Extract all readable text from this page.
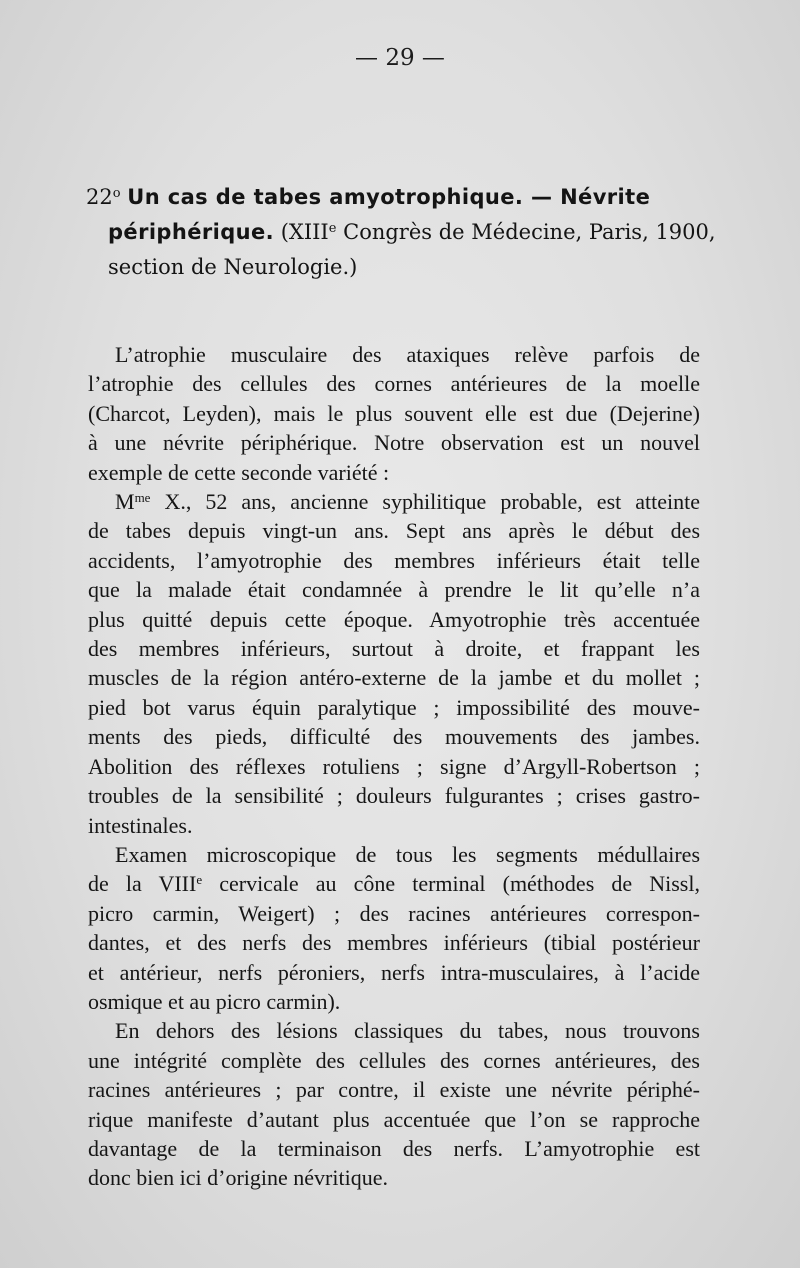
— 29 —
22$^o$ Un cas de tabes amyotrophique. — Névrite
périphérique. (XIIIe Congrès de Médecine, Paris, 1900,
section de Neurologie.)
L’atrophie musculaire des ataxiques relève parfois de
l’atrophie des cellules des cornes antérieures de la moelle
(Charcot, Leyden), mais le plus souvent elle est due (Dejerine)
à une névrite périphérique. Notre observation est un nouvel
exemple de cette seconde variété :
$M^{me}$ X., 52 ans, ancienne syphilitique probable, est atteinte
de tabes depuis vingt-un ans. Sept ans après le début des
accidents, l’amyotrophie des membres inférieurs était telle
que la malade était condamnée à prendre le lit qu’elle n’a
plus quitté depuis cette époque. Amyotrophie très accentuée
des membres inférieurs, surtout à droite, et frappant les
muscles de la région antéro-externe de la jambe et du mollet ;
pied bot varus équin paralytique ; impossibilité des mouve-
ments des pieds, difficulté des mouvements des jambes.
Abolition des réflexes rotuliens ; signe d’Argyll-Robertson ;
troubles de la sensibilité ; douleurs fulgurantes ; crises gastro-
intestinales.
Examen microscopique de tous les segments médullaires
de la VIIIe cervicale au cône terminal (méthodes de Nissl,
picro carmin, Weigert) ; des racines antérieures correspon-
dantes, et des nerfs des membres inférieurs (tibial postérieur
et antérieur, nerfs péroniers, nerfs intra-musculaires, à l’acide
osmique et au picro carmin).
En dehors des lésions classiques du tabes, nous trouvons
une intégrité complète des cellules des cornes antérieures, des
racines antérieures ; par contre, il existe une névrite périphé-
rique manifeste d’autant plus accentuée que l’on se rapproche
davantage de la terminaison des nerfs. L’amyotrophie est
donc bien ici d’origine névritique.
